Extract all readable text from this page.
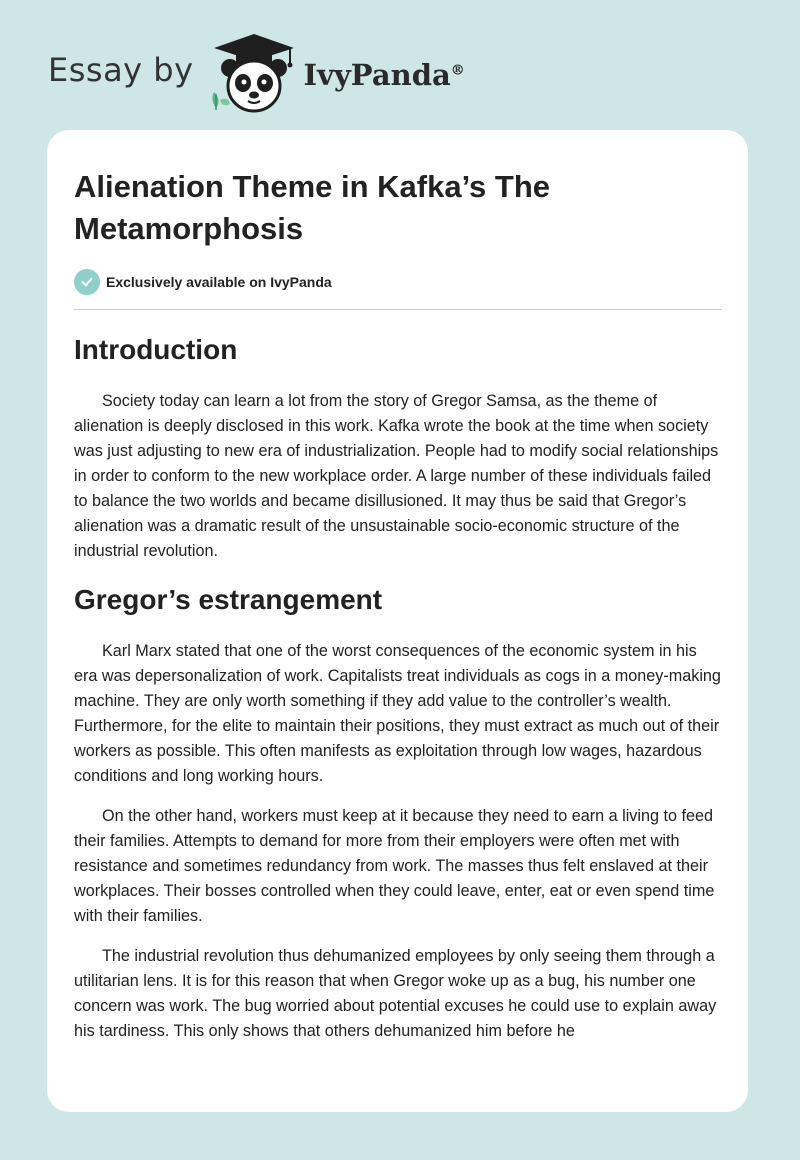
Essay by	IvyPanda®
Alienation Theme in Kafka’s The Metamorphosis
Exclusively available on IvyPanda
Introduction

Society today can learn a lot from the story of Gregor Samsa, as the theme of alienation is deeply disclosed in this work. Kafka wrote the book at the time when society was just adjusting to new era of industrialization. People had to modify social relationships in order to conform to the new workplace order. A large number of these individuals failed to balance the two worlds and became disillusioned. It may thus be said that Gregor’s alienation was a dramatic result of the unsustainable socio-economic structure of the industrial revolution.

Gregor’s estrangement

Karl Marx stated that one of the worst consequences of the economic system in his era was depersonalization of work. Capitalists treat individuals as cogs in a money-making machine. They are only worth something if they add value to the controller’s wealth. Furthermore, for the elite to maintain their positions, they must extract as much out of their workers as possible. This often manifests as exploitation through low wages, hazardous conditions and long working hours.

On the other hand, workers must keep at it because they need to earn a living to feed their families. Attempts to demand for more from their employers were often met with resistance and sometimes redundancy from work. The masses thus felt enslaved at their workplaces. Their bosses controlled when they could leave, enter, eat or even spend time with their families.

The industrial revolution thus dehumanized employees by only seeing them through a utilitarian lens. It is for this reason that when Gregor woke up as a bug, his number one concern was work. The bug worried about potential excuses he could use to explain away his tardiness. This only shows that others dehumanized him before he
